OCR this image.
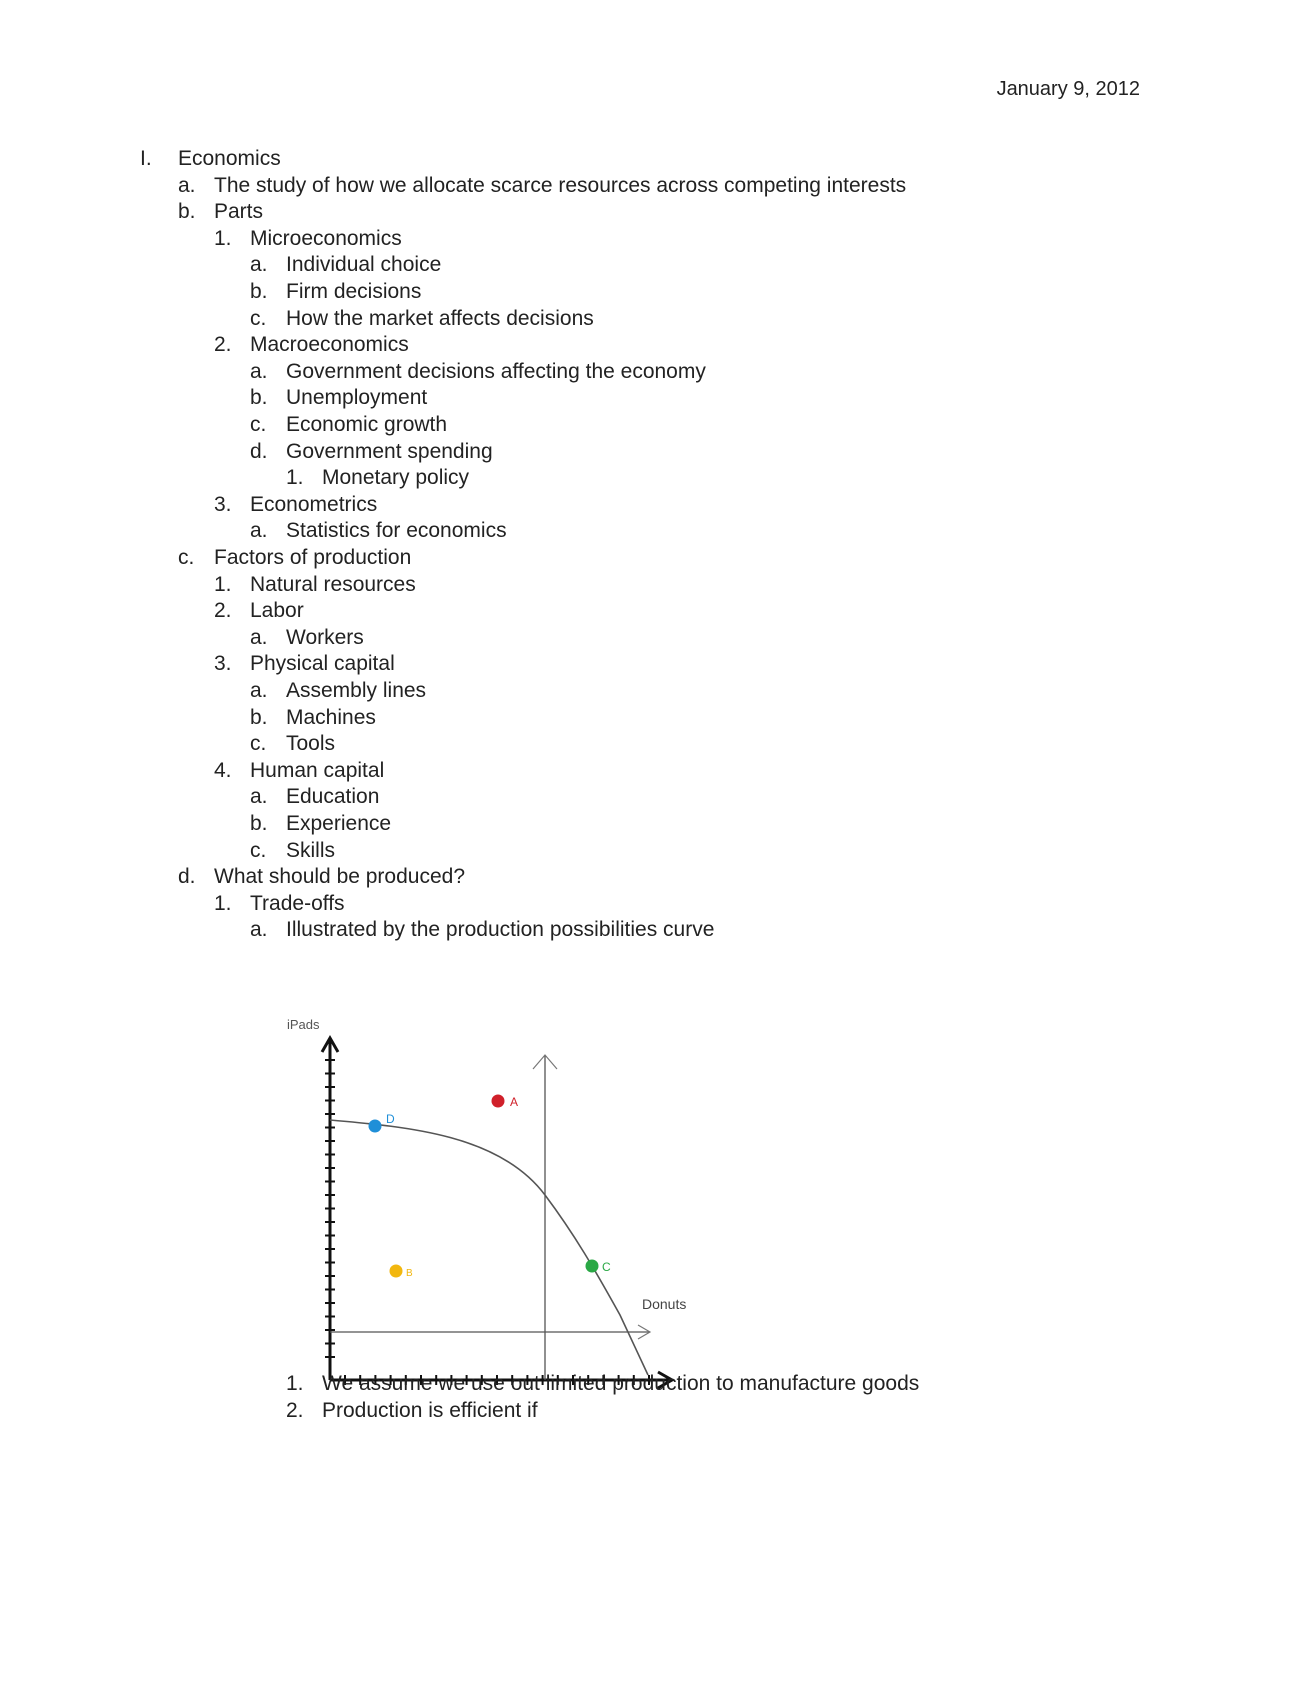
January 9, 2012
I. Economics
a. The study of how we allocate scarce resources across competing interests
b. Parts
1. Microeconomics
a. Individual choice
b. Firm decisions
c. How the market affects decisions
2. Macroeconomics
a. Government decisions affecting the economy
b. Unemployment
c. Economic growth
d. Government spending
1. Monetary policy
3. Econometrics
a. Statistics for economics
c. Factors of production
1. Natural resources
2. Labor
a. Workers
3. Physical capital
a. Assembly lines
b. Machines
c. Tools
4. Human capital
a. Education
b. Experience
c. Skills
d. What should be produced?
1. Trade-offs
a. Illustrated by the production possibilities curve
iPads
Donuts
A
B	C
D
1. We assume we use out limited production to manufacture goods
2. Production is efficient if
